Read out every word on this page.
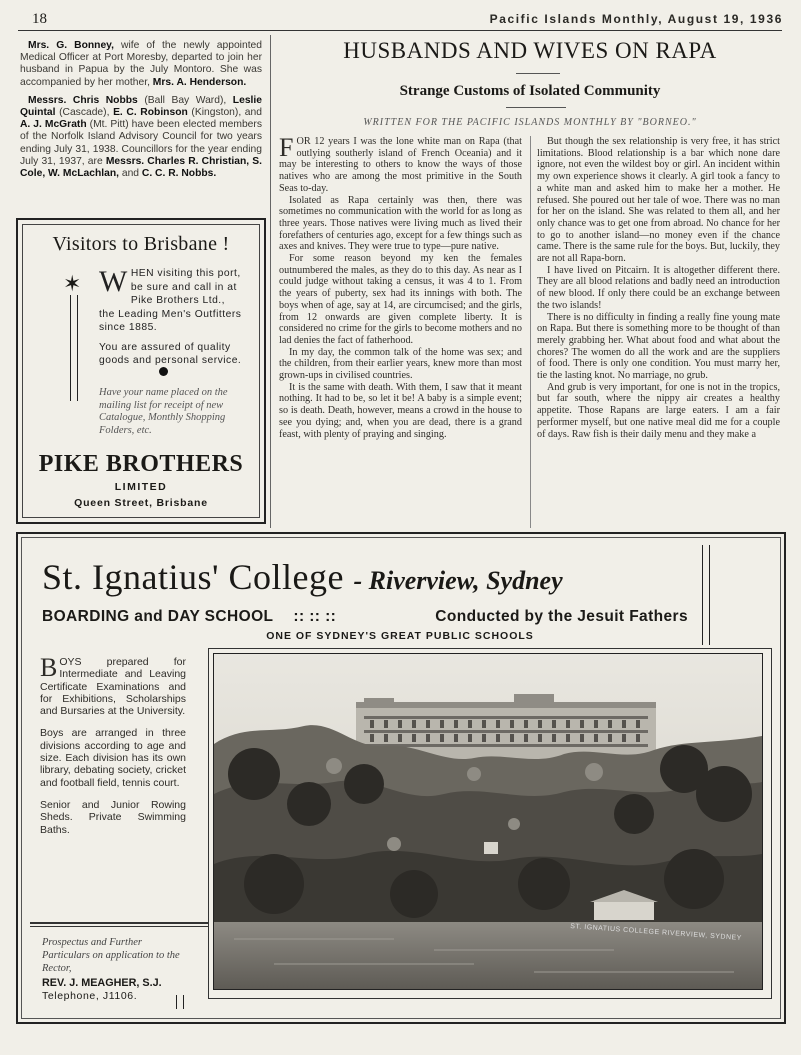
18	Pacific Islands Monthly, August 19, 1936

Mrs. G. Bonney, wife of the newly appointed Medical Officer at Port Moresby, departed to join her husband in Papua by the July Montoro. She was accompanied by her mother, Mrs. A. Henderson.

Messrs. Chris Nobbs (Ball Bay Ward), Leslie Quintal (Cascade), E. C. Robinson (Kingston), and A. J. McGrath (Mt. Pitt) have been elected members of the Norfolk Island Advisory Council for two years ending July 31, 1938. Councillors for the year ending July 31, 1937, are Messrs. Charles R. Christian, S. Cole, W. McLachlan, and C. C. R. Nobbs.

Visitors to Brisbane !
✶ W HEN visiting this port, be sure and call in at Pike Brothers Ltd., the Leading Men's Outfitters since 1885.

You are assured of quality goods and personal service.

Have your name placed on the mailing list for receipt of new Catalogue, Monthly Shopping Folders, etc.
PIKE BROTHERS
LIMITED
Queen Street, Brisbane
HUSBANDS AND WIVES ON RAPA
Strange Customs of Isolated Community
WRITTEN FOR THE PACIFIC ISLANDS MONTHLY BY "BORNEO."

FOR 12 years I was the lone white man on Rapa (that outlying southerly island of French Oceania) and it may be interesting to others to know the ways of those natives who are among the most primitive in the South Seas to-day.

Isolated as Rapa certainly was then, there was sometimes no communication with the world for as long as three years. Those natives were living much as lived their forefathers of centuries ago, except for a few things such as axes and knives. They were true to type—pure native.

For some reason beyond my ken the females outnumbered the males, as they do to this day. As near as I could judge without taking a census, it was 4 to 1. From the years of puberty, sex had its innings with both. The boys when of age, say at 14, are circumcised; and the girls, from 12 onwards are given complete liberty. It is considered no crime for the girls to become mothers and no lad denies the fact of fatherhood.

In my day, the common talk of the home was sex; and the children, from their earlier years, knew more than most grown-ups in civilised countries.

It is the same with death. With them, I saw that it meant nothing. It had to be, so let it be! A baby is a simple event; so is death. Death, however, means a crowd in the house to see you dying; and, when you are dead, there is a grand feast, with plenty of praying and singing.

But though the sex relationship is very free, it has strict limitations. Blood relationship is a bar which none dare ignore, not even the wildest boy or girl. An incident within my own experience shows it clearly. A girl took a fancy to a white man and asked him to make her a mother. He refused. She poured out her tale of woe. There was no man for her on the island. She was related to them all, and her only chance was to get one from abroad. No chance for her to go to another island—no money even if the chance came. There is the same rule for the boys. But, luckily, they are not all Rapa-born.

I have lived on Pitcairn. It is altogether different there. They are all blood relations and badly need an introduction of new blood. If only there could be an exchange between the two islands!

There is no difficulty in finding a really fine young mate on Rapa. But there is something more to be thought of than merely grabbing her. What about food and what about the chores? The women do all the work and are the suppliers of food. There is only one condition. You must marry her, tie the lasting knot. No marriage, no grub.

And grub is very important, for one is not in the tropics, but far south, where the nippy air creates a healthy appetite. Those Rapans are large eaters. I am a fair performer myself, but one native meal did me for a couple of days. Raw fish is their daily menu and they make a

St. Ignatius' College - Riverview, Sydney
BOARDING and DAY SCHOOL :: :: ::	Conducted by the Jesuit Fathers
ONE OF SYDNEY'S GREAT PUBLIC SCHOOLS

BOYS prepared for Intermediate and Leaving Certificate Examinations and for Exhibitions, Scholarships and Bursaries at the University.

Boys are arranged in three divisions according to age and size. Each division has its own library, debating society, cricket and football field, tennis court.

Senior and Junior Rowing Sheds. Private Swimming Baths.

Prospectus and Further Particulars on application to the Rector,
REV. J. MEAGHER, S.J.
Telephone, J1106.
ST. IGNATIUS COLLEGE RIVERVIEW, SYDNEY
